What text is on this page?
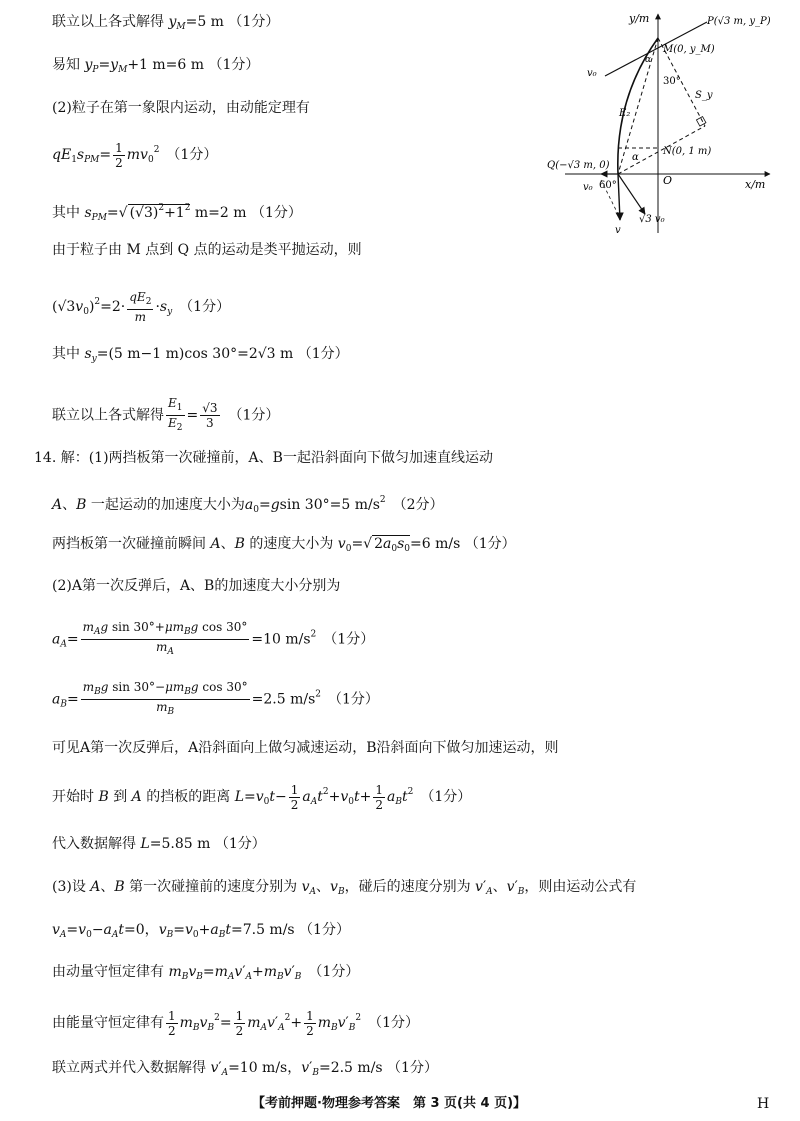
联立以上各式解得 $y_M=5$ m （1分）
易知 $y_P=y_M+1$ m=6 m （1分）
(2)粒子在第一象限内运动，由动能定理有
$qE_1s_{PM}= \frac{1}{2} mv_0^2$　（1分）
其中 $s_{PM}=√$ $(√3)^2+1^2$ m=2 m （1分）
由于粒子由 M 点到 Q 点的运动是类平抛运动，则
$(√3v_0)^2=2\cdot \frac{qE_2}{m} \cdot s_y$　（1分）
其中 $s_y=(5$ m−1 m)cos 30°=2√3 m （1分）
联立以上各式解得 $\frac{E_1}{E_2} = \frac{√3}{3}$ 　（1分）
14. 解：(1)两挡板第一次碰撞前，A、B一起沿斜面向下做匀加速直线运动
A、B 一起运动的加速度大小为$a_0=gsin$ 30°=5 $m/s^2$　（2分）
两挡板第一次碰撞前瞬间 A、B 的速度大小为 $v_0=√$ $2a_0s_0=6$ m/s （1分）
(2)A第一次反弹后，A、B的加速度大小分别为
$a_A= \frac{m_Ag \sin 30^\circ+\mu m_Bg \cos 30^\circ}{m_A} =10$ $m/s^2$　（1分）
$a_B= \frac{m_Bg \sin 30^\circ-\mu m_Bg \cos 30^\circ}{m_B} =2.5$ $m/s^2$　（1分）
可见A第一次反弹后，A沿斜面向上做匀减速运动，B沿斜面向下做匀加速运动，则
开始时 B 到 A 的挡板的距离 $L=v_0t- \frac{1}{2} a_At^2+v_0t+ \frac{1}{2} a_Bt^2$　（1分）
代入数据解得 L=5.85 m （1分）
(3)设 A、B 第一次碰撞前的速度分别为 $v_A$、$v_B$，碰后的速度分别为 $v'_A$、$v'_B$，则由运动公式有
$v_A=v_0-a_At=0$，$v_B=v_0+a_Bt=7.5$ m/s （1分）
由动量守恒定律有 $m_Bv_B=m_Av'_A+m_Bv'_B$　（1分）
由能量守恒定律有 $\frac{1}{2} m_Bv_B^2= \frac{1}{2} m_Av'_A^2+ \frac{1}{2} m_Bv'_B^2$　（1分）
联立两式并代入数据解得 $v'_A=10$ m/s，$v'_B=2.5$ m/s （1分）
【考前押题·物理参考答案　第 3 页(共 4 页)】	H
y/m
x/m
O
P(√3 m, y_P)
M(0, y_M)
v₀
30°
S_y
E₂
α
α
N(0, 1 m)
Q(−√3 m, 0)
v₀
√3 v₀
v
60°
